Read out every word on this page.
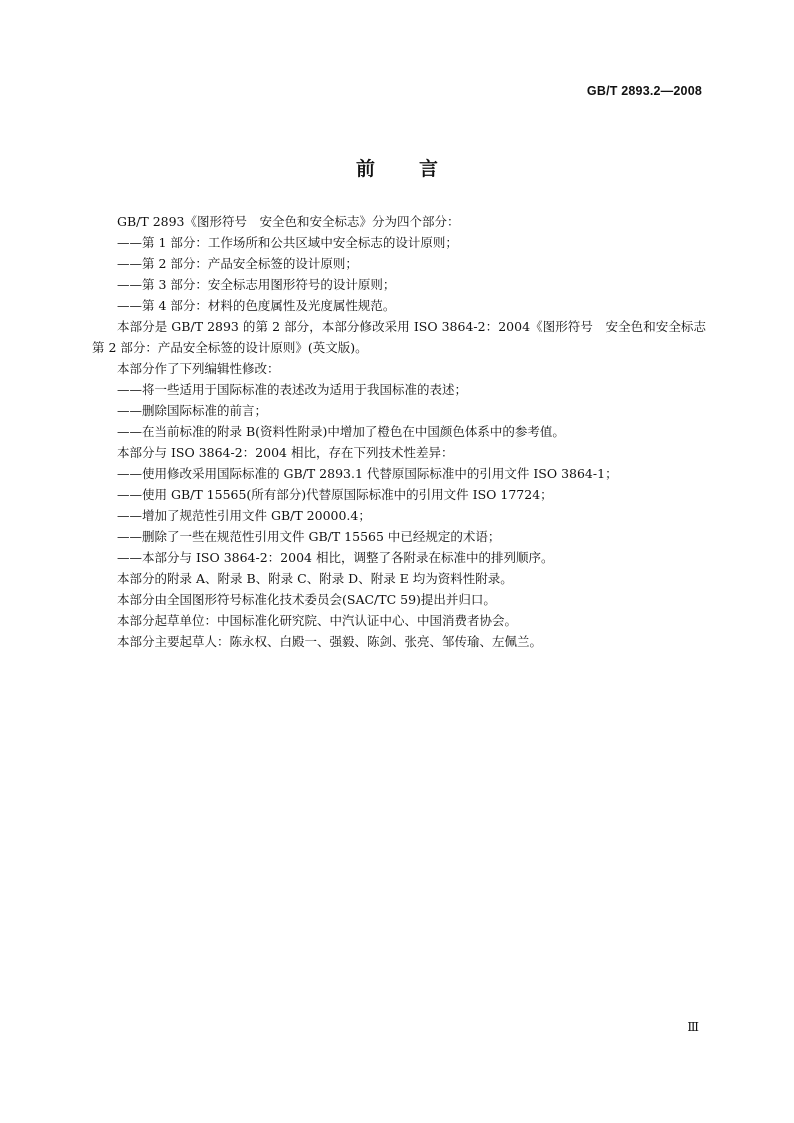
GB/T 2893.2—2008
前 言

GB/T 2893《图形符号　安全色和安全标志》分为四个部分：

——第 1 部分：工作场所和公共区域中安全标志的设计原则；

——第 2 部分：产品安全标签的设计原则；

——第 3 部分：安全标志用图形符号的设计原则；

——第 4 部分：材料的色度属性及光度属性规范。

本部分是 GB/T 2893 的第 2 部分，本部分修改采用 ISO 3864-2：2004《图形符号　安全色和安全标志　第 2 部分：产品安全标签的设计原则》(英文版)。

本部分作了下列编辑性修改：

——将一些适用于国际标准的表述改为适用于我国标准的表述；

——删除国际标准的前言；

——在当前标准的附录 B(资料性附录)中增加了橙色在中国颜色体系中的参考值。

本部分与 ISO 3864-2：2004 相比，存在下列技术性差异：

——使用修改采用国际标准的 GB/T 2893.1 代替原国际标准中的引用文件 ISO 3864-1；

——使用 GB/T 15565(所有部分)代替原国际标准中的引用文件 ISO 17724；

——增加了规范性引用文件 GB/T 20000.4；

——删除了一些在规范性引用文件 GB/T 15565 中已经规定的术语；

——本部分与 ISO 3864-2：2004 相比，调整了各附录在标准中的排列顺序。

本部分的附录 A、附录 B、附录 C、附录 D、附录 E 均为资料性附录。

本部分由全国图形符号标准化技术委员会(SAC/TC 59)提出并归口。

本部分起草单位：中国标准化研究院、中汽认证中心、中国消费者协会。

本部分主要起草人：陈永权、白殿一、强毅、陈剑、张亮、邹传瑜、左佩兰。

Ⅲ
